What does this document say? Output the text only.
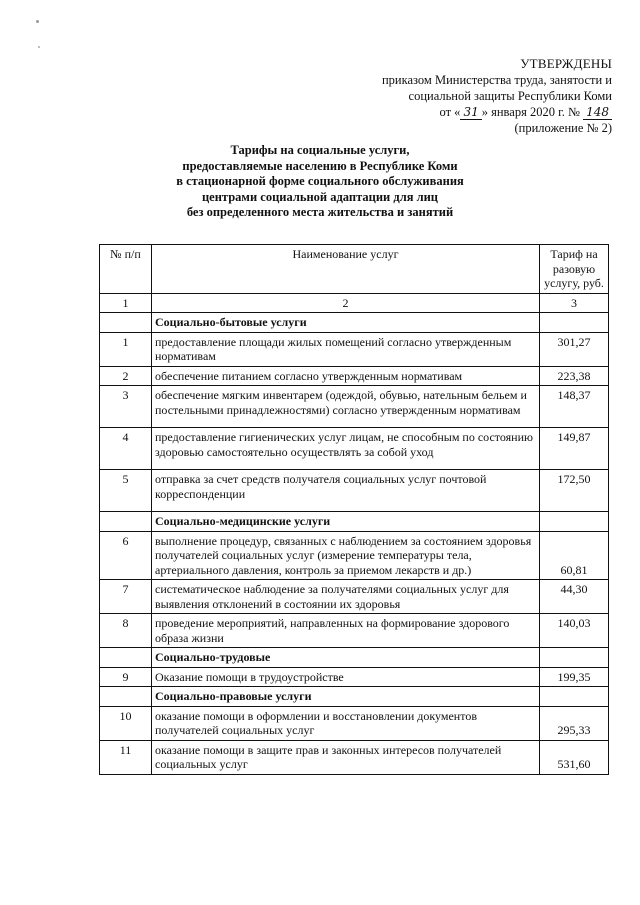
УТВЕРЖДЕНЫ
приказом Министерства труда, занятости и
социальной защиты Республики Коми
от « 31 » января 2020 г. № 148
(приложение № 2)
Тарифы на социальные услуги,
предоставляемые населению в Республике Коми
в стационарной форме социального обслуживания
центрами социальной адаптации для лиц
без определенного места жительства и занятий
№ п/п	Наименование услуг	Тариф на разовую услугу, руб.
1	2	3
	Социально-бытовые услуги	
1	предоставление площади жилых помещений согласно утвержденным нормативам	301,27
2	обеспечение питанием согласно утвержденным нормативам	223,38
3	обеспечение мягким инвентарем (одеждой, обувью, нательным бельем и постельными принадлежностями) согласно утвержденным нормативам	148,37
4	предоставление гигиенических услуг лицам, не способным по состоянию здоровью самостоятельно осуществлять за собой уход	149,87
5	отправка за счет средств получателя социальных услуг почтовой корреспонденции	172,50
	Социально-медицинские услуги	
6	выполнение процедур, связанных с наблюдением за состоянием здоровья получателей социальных услуг (измерение температуры тела, артериального давления, контроль за приемом лекарств и др.)	60,81
7	систематическое наблюдение за получателями социальных услуг для выявления отклонений в состоянии их здоровья	44,30
8	проведение мероприятий, направленных на формирование здорового образа жизни	140,03
	Социально-трудовые	
9	Оказание помощи в трудоустройстве	199,35
	Социально-правовые услуги	
10	оказание помощи в оформлении и восстановлении документов получателей социальных услуг	295,33
11	оказание помощи в защите прав и законных интересов получателей социальных услуг	531,60
